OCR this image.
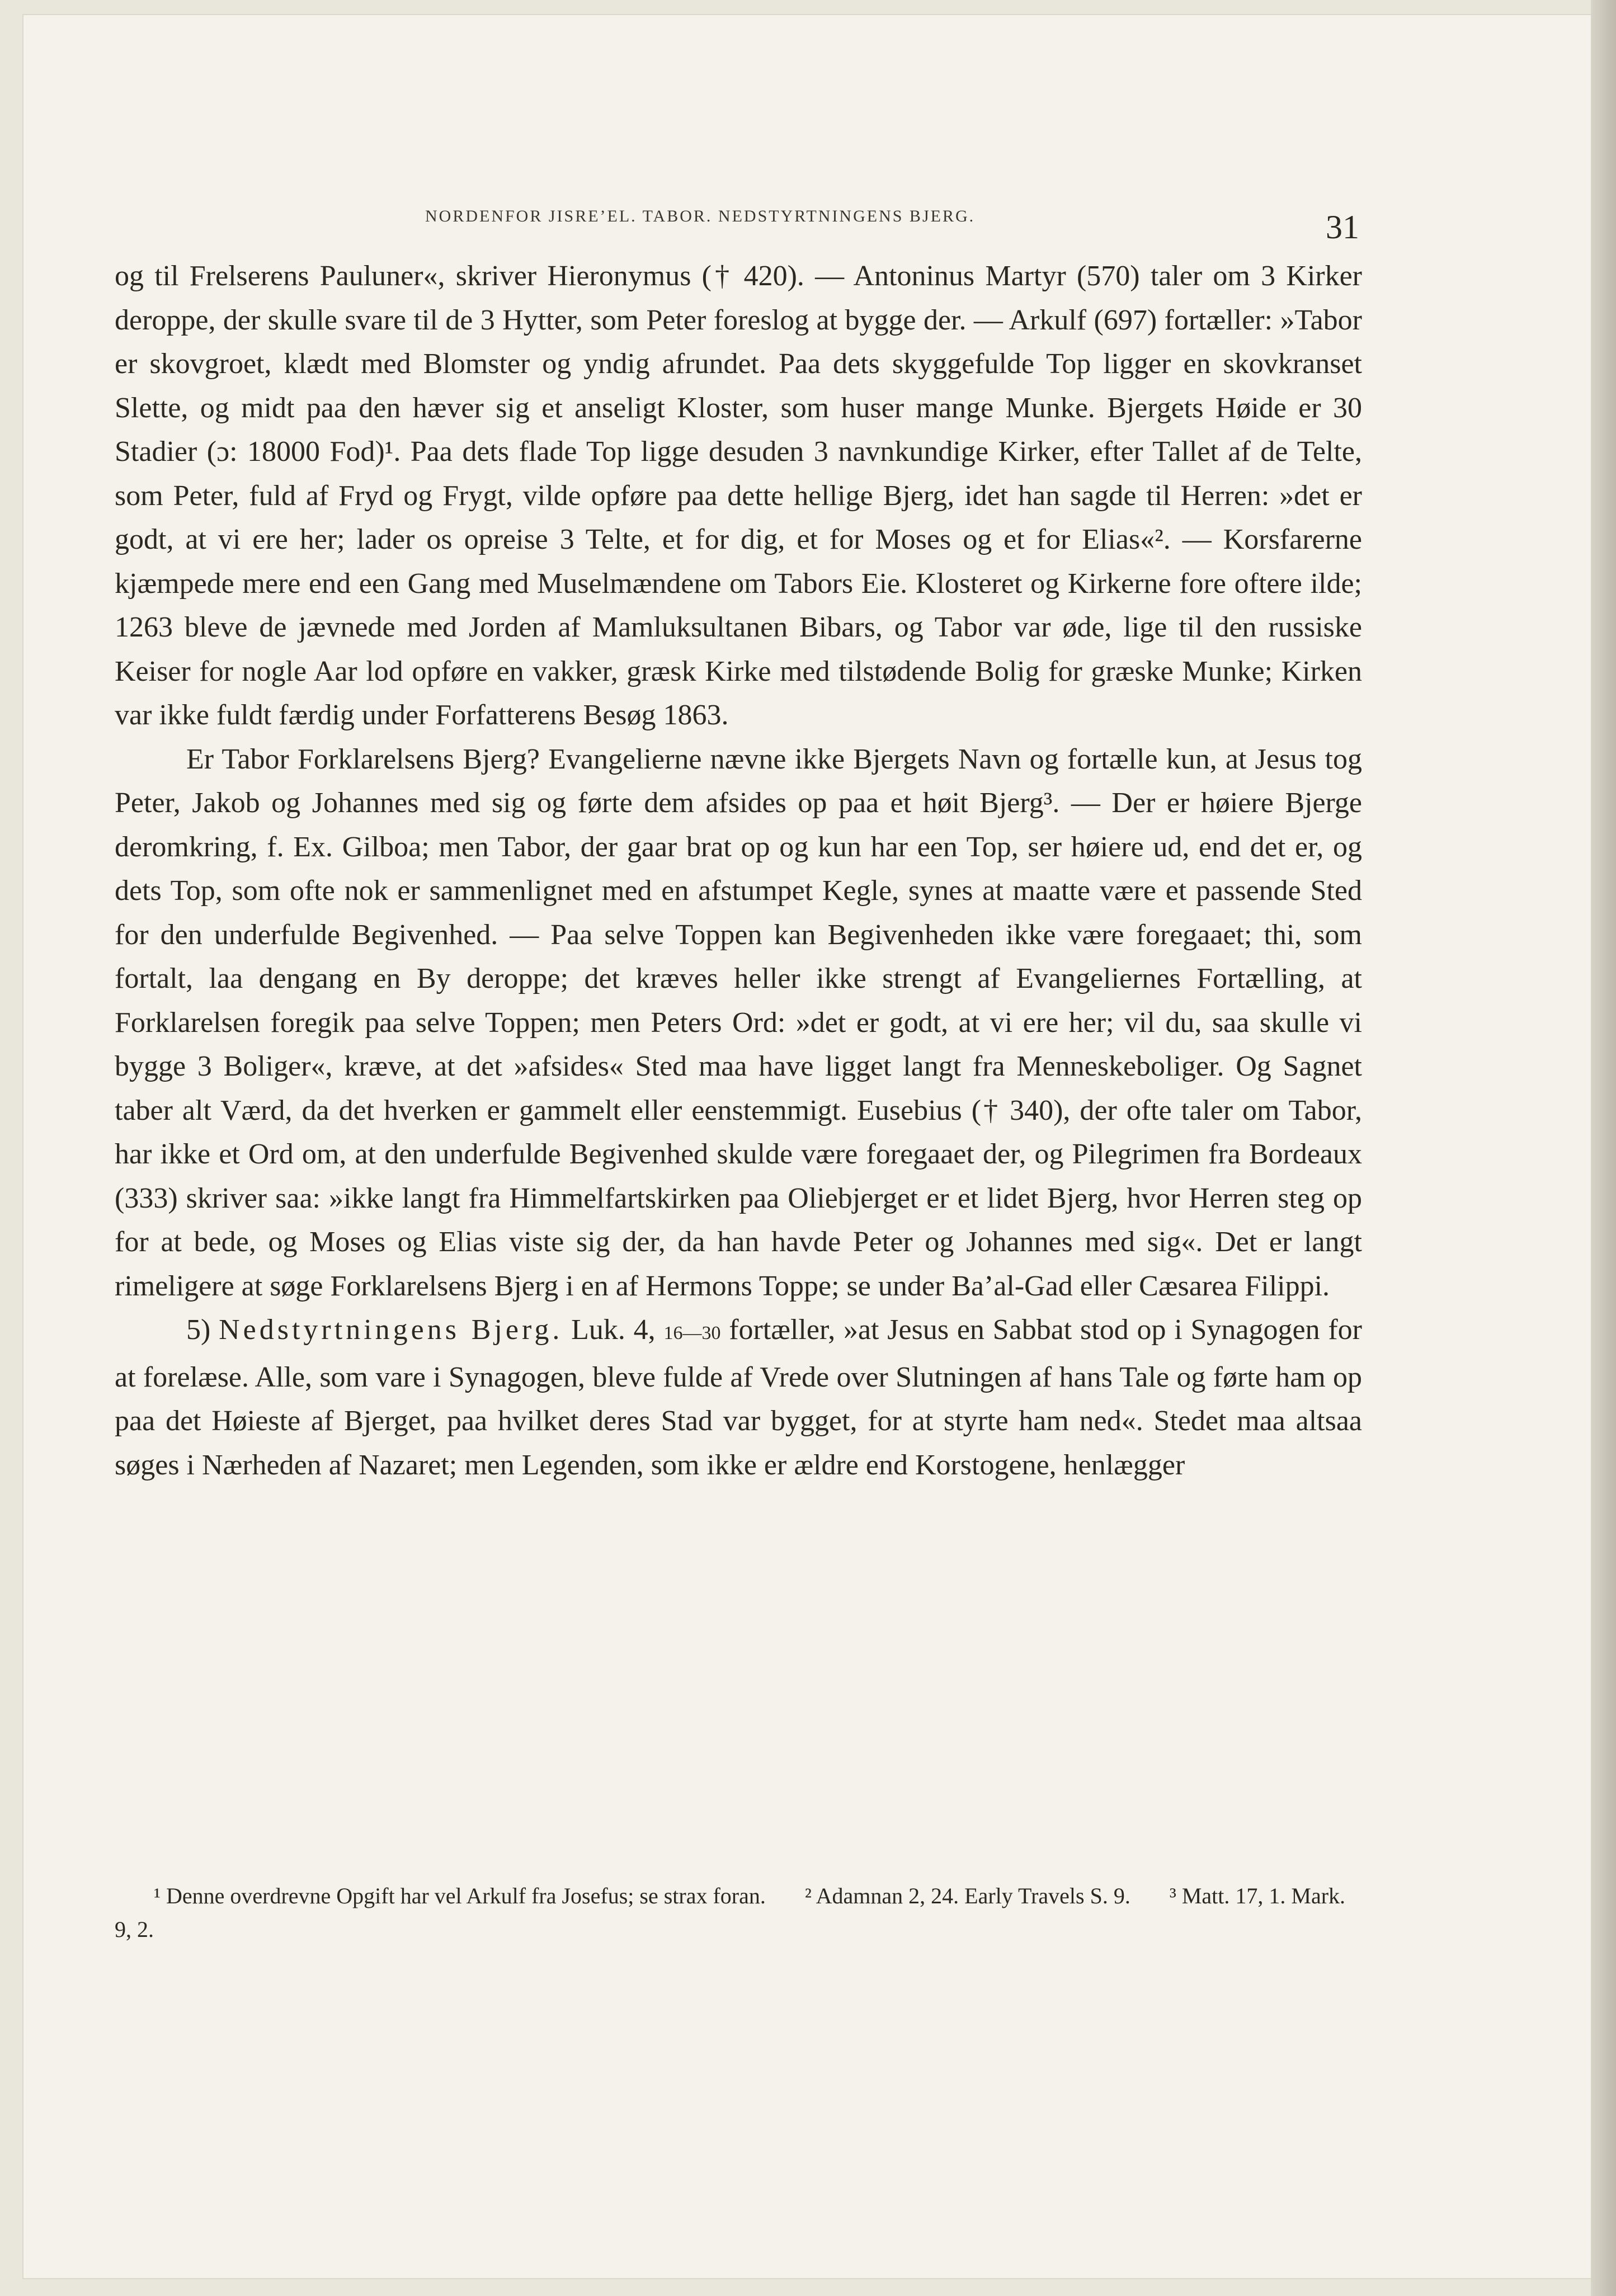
NORDENFOR JISRE’EL. TABOR. NEDSTYRTNINGENS BJERG.	31

og til Frelserens Pauluner«, skriver Hieronymus († 420). — Antoninus Martyr (570) taler om 3 Kirker deroppe, der skulle svare til de 3 Hytter, som Peter foreslog at bygge der. — Arkulf (697) fortæller: »Tabor er skovgroet, klædt med Blomster og yndig afrundet. Paa dets skyggefulde Top ligger en skovkranset Slette, og midt paa den hæver sig et anseligt Kloster, som huser mange Munke. Bjergets Høide er 30 Stadier (ɔ: 18000 Fod)¹. Paa dets flade Top ligge desuden 3 navnkundige Kirker, efter Tallet af de Telte, som Peter, fuld af Fryd og Frygt, vilde opføre paa dette hellige Bjerg, idet han sagde til Herren: »det er godt, at vi ere her; lader os opreise 3 Telte, et for dig, et for Moses og et for Elias«². — Korsfarerne kjæmpede mere end een Gang med Muselmændene om Tabors Eie. Klosteret og Kirkerne fore oftere ilde; 1263 bleve de jævnede med Jorden af Mamluksultanen Bibars, og Tabor var øde, lige til den russiske Keiser for nogle Aar lod opføre en vakker, græsk Kirke med tilstødende Bolig for græske Munke; Kirken var ikke fuldt færdig under Forfatterens Besøg 1863.

Er Tabor Forklarelsens Bjerg? Evangelierne nævne ikke Bjergets Navn og fortælle kun, at Jesus tog Peter, Jakob og Johannes med sig og førte dem afsides op paa et høit Bjerg³. — Der er høiere Bjerge deromkring, f. Ex. Gilboa; men Tabor, der gaar brat op og kun har een Top, ser høiere ud, end det er, og dets Top, som ofte nok er sammenlignet med en afstumpet Kegle, synes at maatte være et passende Sted for den underfulde Begivenhed. — Paa selve Toppen kan Begivenheden ikke være foregaaet; thi, som fortalt, laa dengang en By deroppe; det kræves heller ikke strengt af Evangeliernes Fortælling, at Forklarelsen foregik paa selve Toppen; men Peters Ord: »det er godt, at vi ere her; vil du, saa skulle vi bygge 3 Boliger«, kræve, at det »afsides« Sted maa have ligget langt fra Menneskeboliger. Og Sagnet taber alt Værd, da det hverken er gammelt eller eenstemmigt. Eusebius († 340), der ofte taler om Tabor, har ikke et Ord om, at den underfulde Begivenhed skulde være foregaaet der, og Pilegrimen fra Bordeaux (333) skriver saa: »ikke langt fra Himmelfartskirken paa Oliebjerget er et lidet Bjerg, hvor Herren steg op for at bede, og Moses og Elias viste sig der, da han havde Peter og Johannes med sig«. Det er langt rimeligere at søge Forklarelsens Bjerg i en af Hermons Toppe; se under Ba’al-Gad eller Cæsarea Filippi.

5) Nedstyrtningens Bjerg. Luk. 4, 16—30 fortæller, »at Jesus en Sabbat stod op i Synagogen for at forelæse. Alle, som vare i Synagogen, bleve fulde af Vrede over Slutningen af hans Tale og førte ham op paa det Høieste af Bjerget, paa hvilket deres Stad var bygget, for at styrte ham ned«. Stedet maa altsaa søges i Nærheden af Nazaret; men Legenden, som ikke er ældre end Korstogene, henlægger

¹ Denne overdrevne Opgift har vel Arkulf fra Josefus; se strax foran. ² Adamnan 2, 24. Early Travels S. 9. ³ Matt. 17, 1. Mark. 9, 2.
